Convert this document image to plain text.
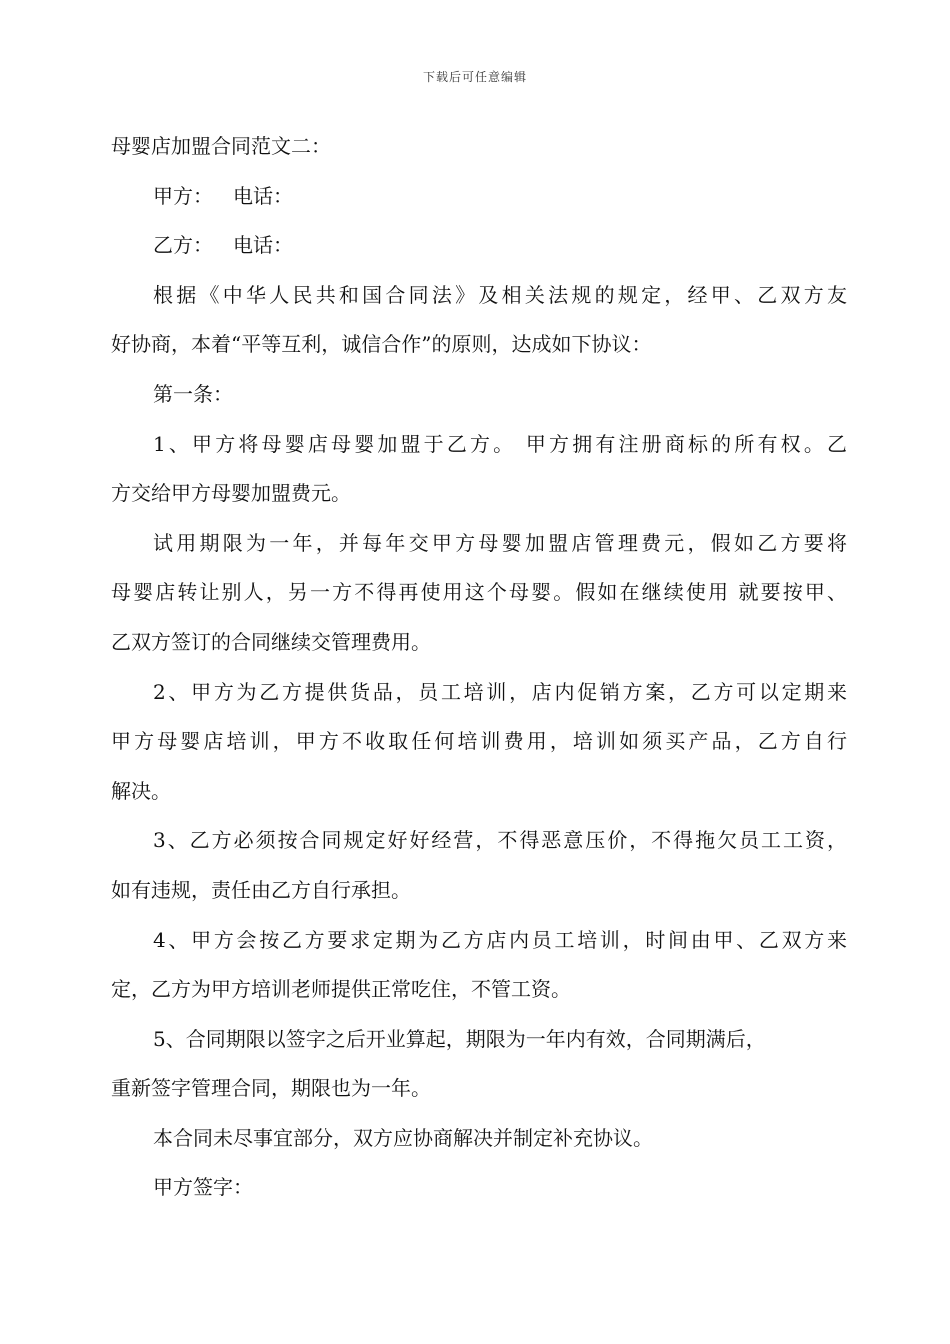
下载后可任意编辑

母婴店加盟合同范文二：

甲方： 电话：

乙方： 电话：

根据《中华人民共和国合同法》及相关法规的规定，经甲、乙双方友

好协商，本着“平等互利，诚信合作”的原则，达成如下协议：

第一条：

1、甲方将母婴店母婴加盟于乙方。 甲方拥有注册商标的所有权。乙

方交给甲方母婴加盟费元。

试用期限为一年，并每年交甲方母婴加盟店管理费元，假如乙方要将

母婴店转让别人，另一方不得再使用这个母婴。假如在继续使用 就要按甲、

乙双方签订的合同继续交管理费用。

2、甲方为乙方提供货品，员工培训，店内促销方案，乙方可以定期来

甲方母婴店培训，甲方不收取任何培训费用，培训如须买产品，乙方自行

解决。

3、乙方必须按合同规定好好经营，不得恶意压价，不得拖欠员工工资，

如有违规，责任由乙方自行承担。

4、甲方会按乙方要求定期为乙方店内员工培训，时间由甲、乙双方来

定，乙方为甲方培训老师提供正常吃住，不管工资。

5、合同期限以签字之后开业算起，期限为一年内有效，合同期满后，

重新签字管理合同，期限也为一年。

本合同未尽事宜部分，双方应协商解决并制定补充协议。

甲方签字：
